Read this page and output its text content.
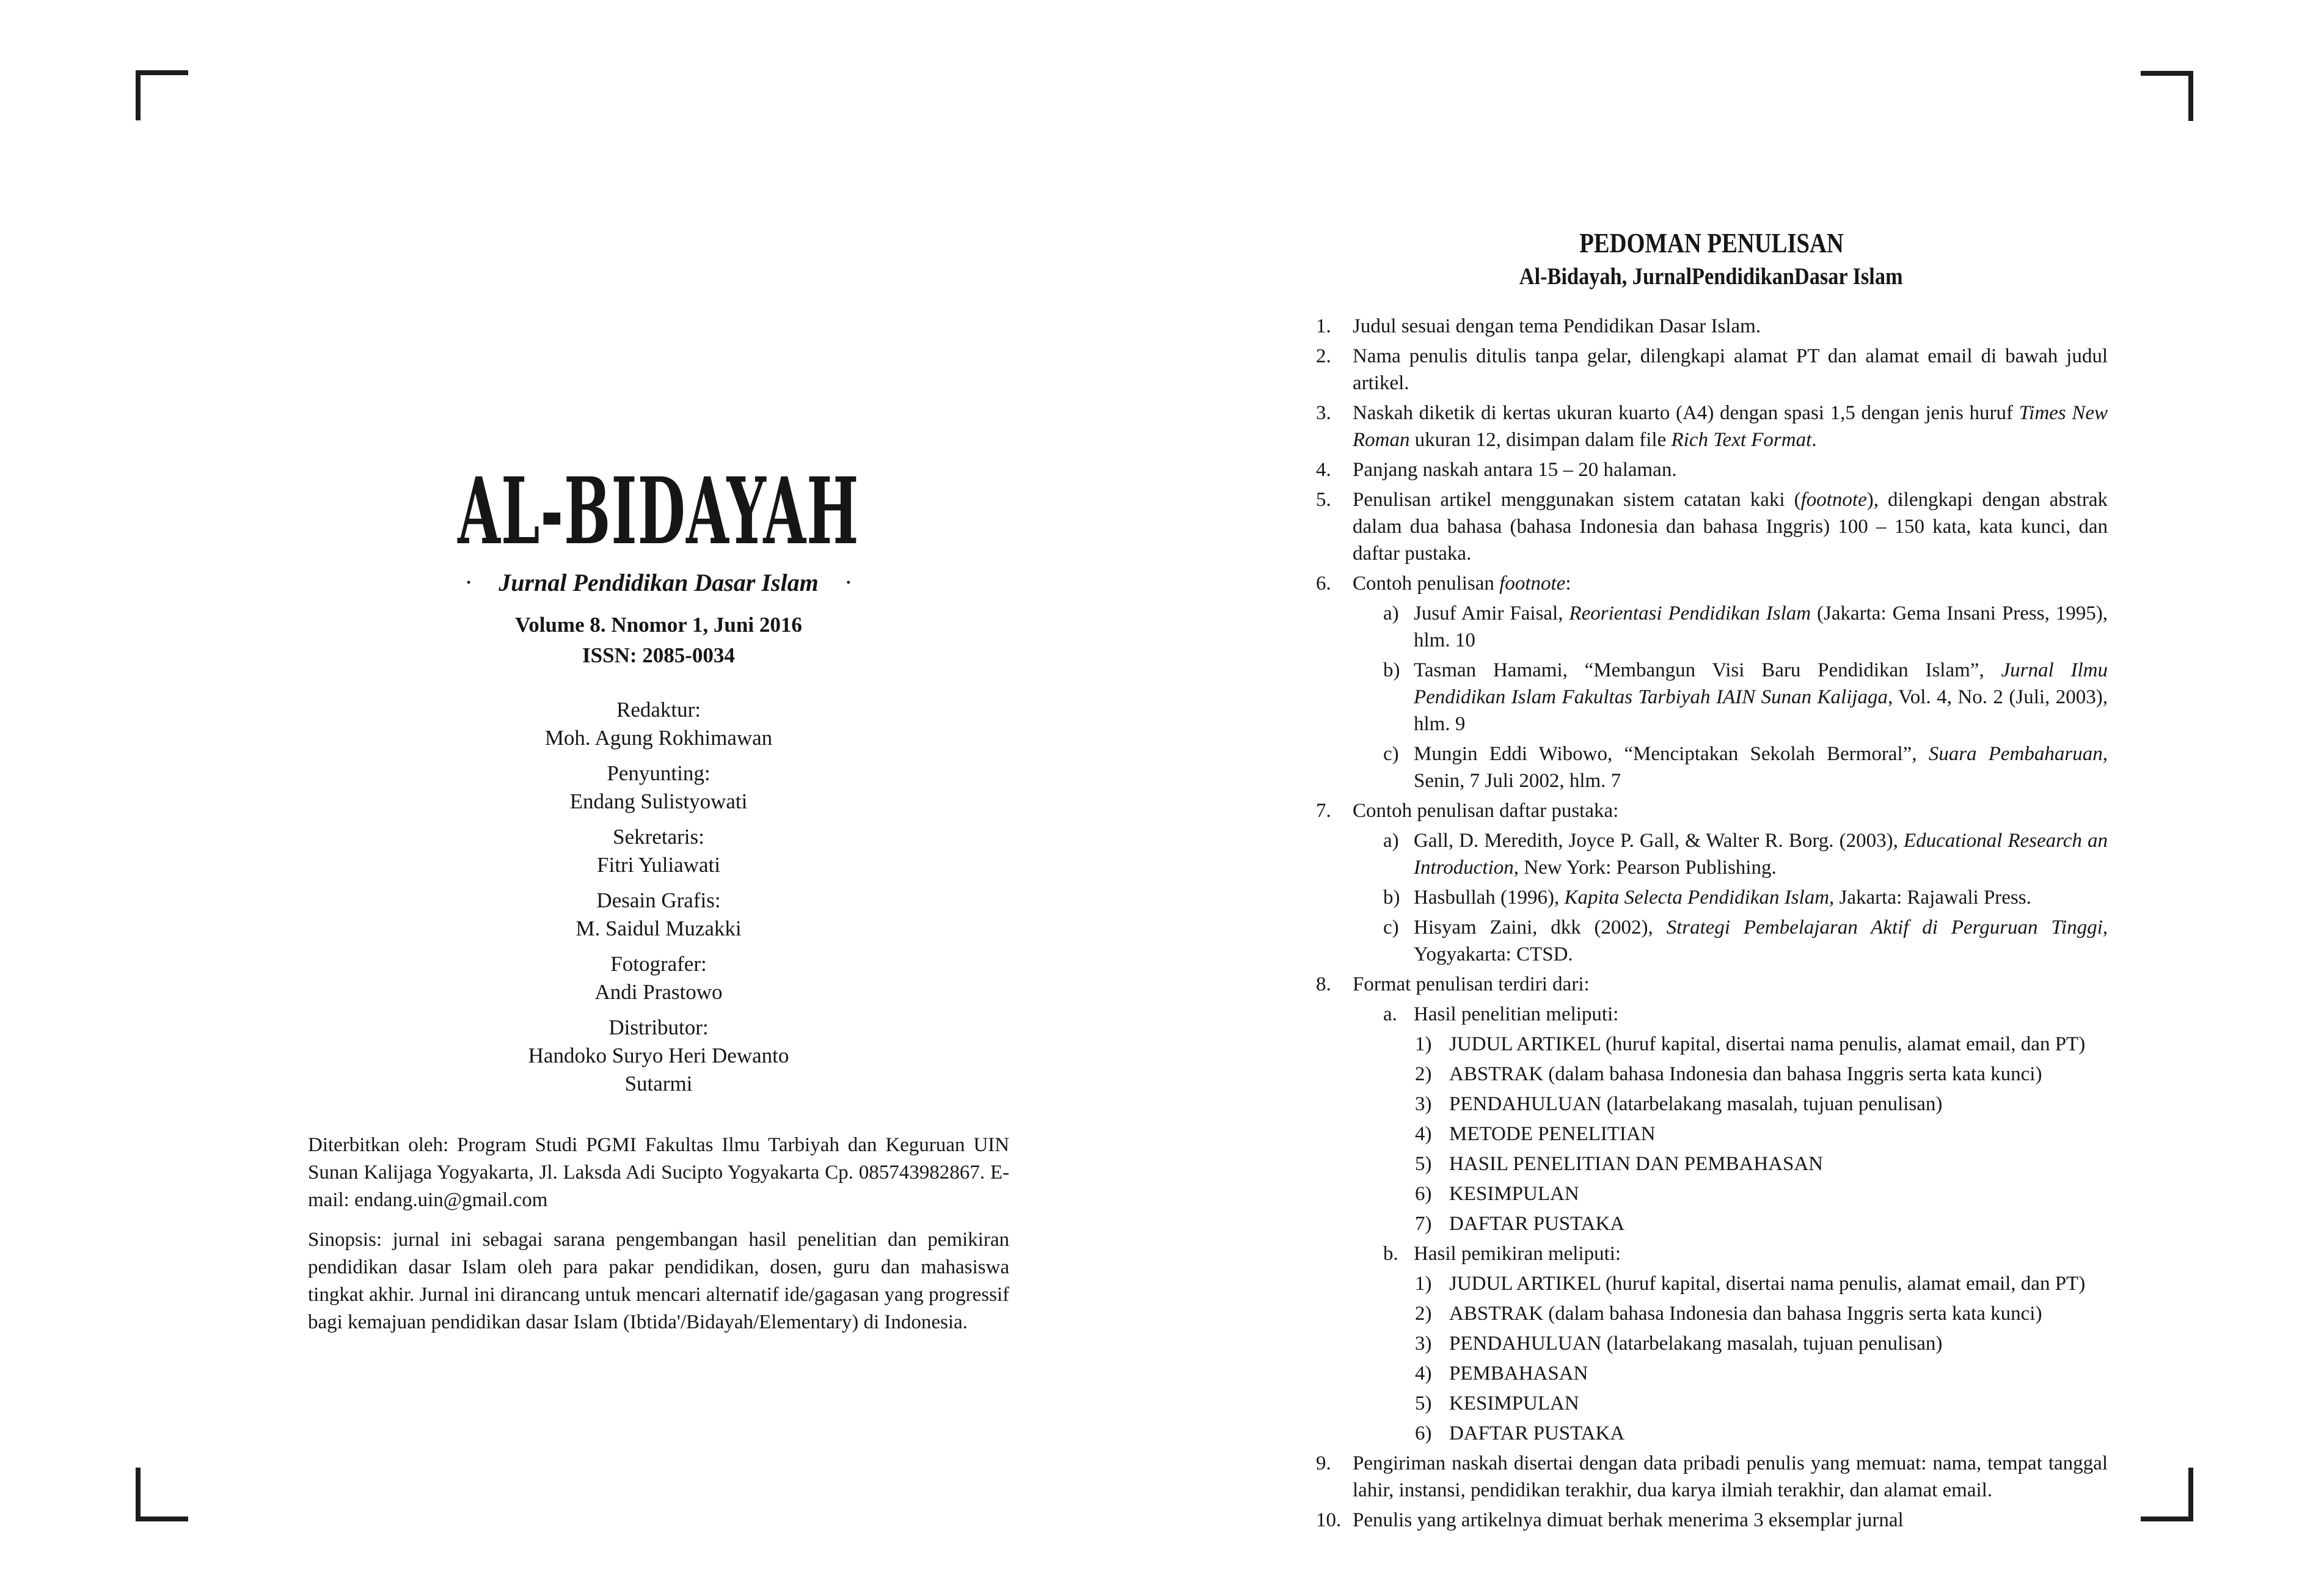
AL-BIDAYAH
· Jurnal Pendidikan Dasar Islam ·
Volume 8. Nnomor 1, Juni 2016
ISSN: 2085-0034
Redaktur:
Moh. Agung Rokhimawan
Penyunting:
Endang Sulistyowati
Sekretaris:
Fitri Yuliawati
Desain Grafis:
M. Saidul Muzakki
Fotografer:
Andi Prastowo
Distributor:
Handoko Suryo Heri Dewanto
Sutarmi

Diterbitkan oleh: Program Studi PGMI Fakultas Ilmu Tarbiyah dan Keguruan UIN Sunan Kalijaga Yogyakarta, Jl. Laksda Adi Sucipto Yogyakarta Cp. 085743982867. E-mail: endang.uin@gmail.com

Sinopsis: jurnal ini sebagai sarana pengembangan hasil penelitian dan pemikiran pendidikan dasar Islam oleh para pakar pendidikan, dosen, guru dan mahasiswa tingkat akhir. Jurnal ini dirancang untuk mencari alternatif ide/gagasan yang progressif bagi kemajuan pendidikan dasar Islam (Ibtida'/Bidayah/Elementary) di Indonesia.

PEDOMAN PENULISAN
Al-Bidayah, JurnalPendidikanDasar Islam
1. Judul sesuai dengan tema Pendidikan Dasar Islam.
2. Nama penulis ditulis tanpa gelar, dilengkapi alamat PT dan alamat email di bawah judul artikel.
3. Naskah diketik di kertas ukuran kuarto (A4) dengan spasi 1,5 dengan jenis huruf Times New Roman ukuran 12, disimpan dalam file Rich Text Format.
4. Panjang naskah antara 15 – 20 halaman.
5. Penulisan artikel menggunakan sistem catatan kaki (footnote), dilengkapi dengan abstrak dalam dua bahasa (bahasa Indonesia dan bahasa Inggris) 100 – 150 kata, kata kunci, dan daftar pustaka.
6. Contoh penulisan footnote:
a) Jusuf Amir Faisal, Reorientasi Pendidikan Islam (Jakarta: Gema Insani Press, 1995), hlm. 10
b) Tasman Hamami, “Membangun Visi Baru Pendidikan Islam”, Jurnal Ilmu Pendidikan Islam Fakultas Tarbiyah IAIN Sunan Kalijaga, Vol. 4, No. 2 (Juli, 2003), hlm. 9
c) Mungin Eddi Wibowo, “Menciptakan Sekolah Bermoral”, Suara Pembaharuan, Senin, 7 Juli 2002, hlm. 7
7. Contoh penulisan daftar pustaka:
a) Gall, D. Meredith, Joyce P. Gall, & Walter R. Borg. (2003), Educational Research an Introduction, New York: Pearson Publishing.
b) Hasbullah (1996), Kapita Selecta Pendidikan Islam, Jakarta: Rajawali Press.
c) Hisyam Zaini, dkk (2002), Strategi Pembelajaran Aktif di Perguruan Tinggi, Yogyakarta: CTSD.
8. Format penulisan terdiri dari:
a. Hasil penelitian meliputi:
1) JUDUL ARTIKEL (huruf kapital, disertai nama penulis, alamat email, dan PT)
2) ABSTRAK (dalam bahasa Indonesia dan bahasa Inggris serta kata kunci)
3) PENDAHULUAN (latarbelakang masalah, tujuan penulisan)
4) METODE PENELITIAN
5) HASIL PENELITIAN DAN PEMBAHASAN
6) KESIMPULAN
7) DAFTAR PUSTAKA
b. Hasil pemikiran meliputi:
1) JUDUL ARTIKEL (huruf kapital, disertai nama penulis, alamat email, dan PT)
2) ABSTRAK (dalam bahasa Indonesia dan bahasa Inggris serta kata kunci)
3) PENDAHULUAN (latarbelakang masalah, tujuan penulisan)
4) PEMBAHASAN
5) KESIMPULAN
6) DAFTAR PUSTAKA
9. Pengiriman naskah disertai dengan data pribadi penulis yang memuat: nama, tempat tanggal lahir, instansi, pendidikan terakhir, dua karya ilmiah terakhir, dan alamat email.
10. Penulis yang artikelnya dimuat berhak menerima 3 eksemplar jurnal
